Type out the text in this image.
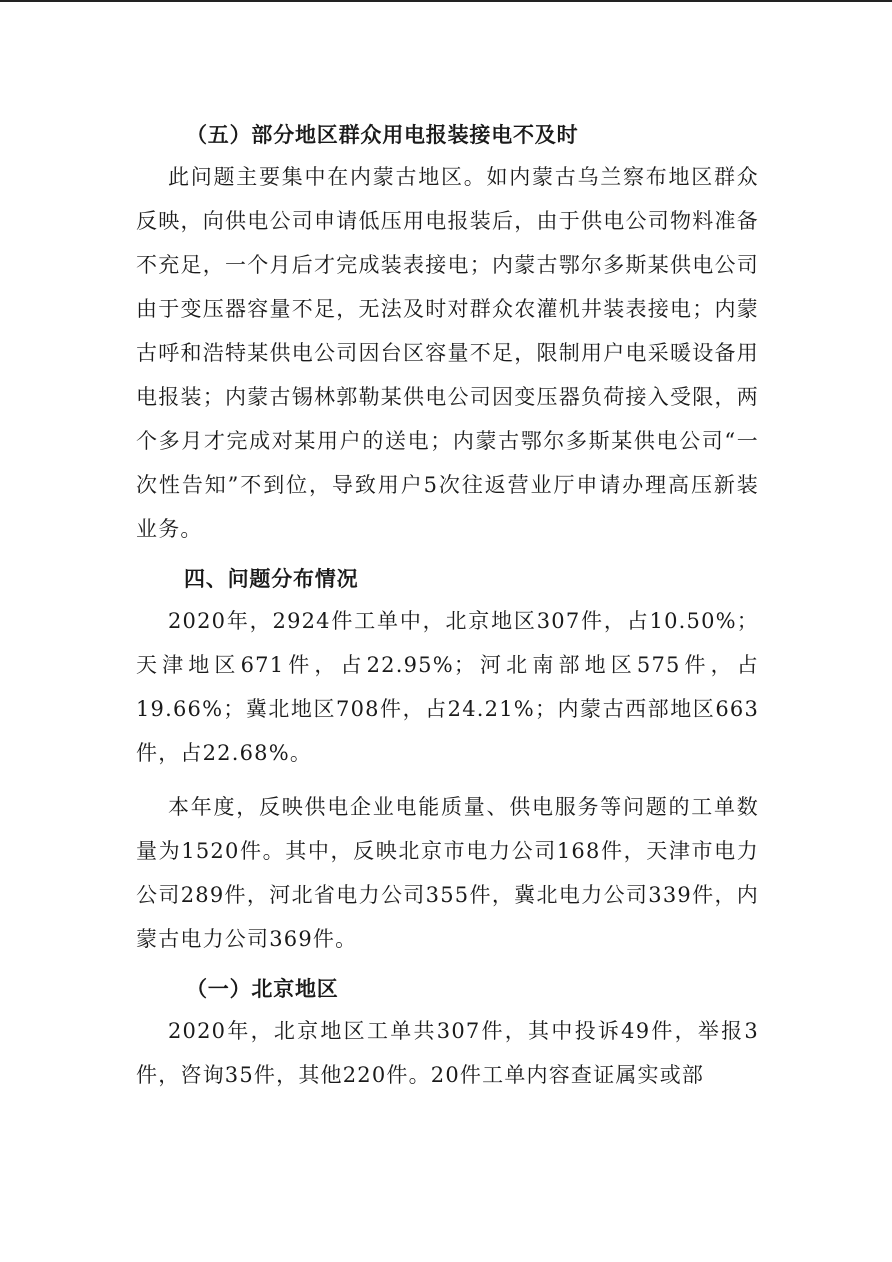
（五）部分地区群众用电报装接电不及时

此问题主要集中在内蒙古地区。如内蒙古乌兰察布地区群众反映，向供电公司申请低压用电报装后，由于供电公司物料准备不充足，一个月后才完成装表接电；内蒙古鄂尔多斯某供电公司由于变压器容量不足，无法及时对群众农灌机井装表接电；内蒙古呼和浩特某供电公司因台区容量不足，限制用户电采暖设备用电报装；内蒙古锡林郭勒某供电公司因变压器负荷接入受限，两个多月才完成对某用户的送电；内蒙古鄂尔多斯某供电公司“一次性告知”不到位，导致用户5次往返营业厅申请办理高压新装业务。

四、问题分布情况

2020年，2924件工单中，北京地区307件，占10.50%；天津地区671件，占22.95%；河北南部地区575件，占19.66%；冀北地区708件，占24.21%；内蒙古西部地区663件，占22.68%。

本年度，反映供电企业电能质量、供电服务等问题的工单数量为1520件。其中，反映北京市电力公司168件，天津市电力公司289件，河北省电力公司355件，冀北电力公司339件，内蒙古电力公司369件。

（一）北京地区

2020年，北京地区工单共307件，其中投诉49件，举报3件，咨询35件，其他220件。20件工单内容查证属实或部
